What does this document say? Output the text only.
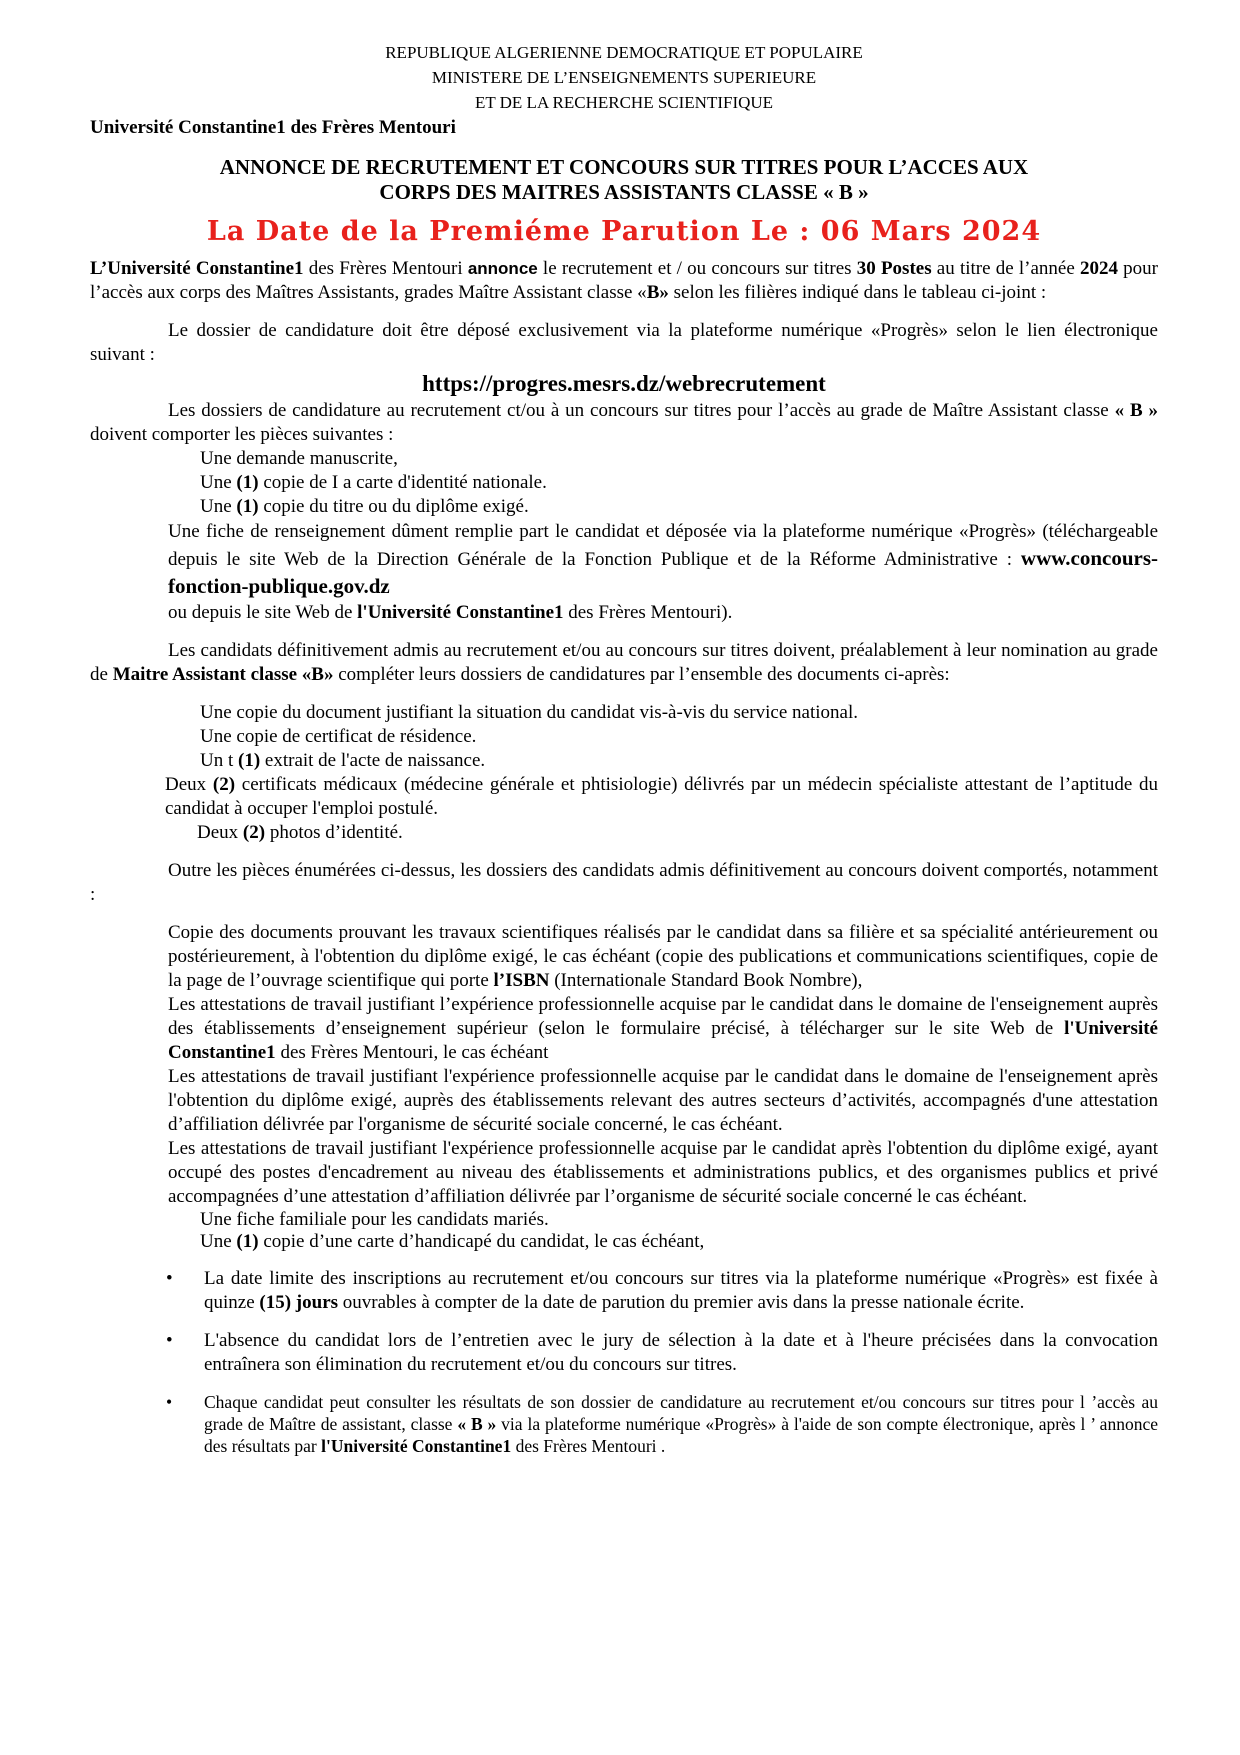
REPUBLIQUE ALGERIENNE DEMOCRATIQUE ET POPULAIRE
MINISTERE DE L’ENSEIGNEMENTS SUPERIEURE
ET DE LA RECHERCHE SCIENTIFIQUE
Université Constantine1 des Frères Mentouri
ANNONCE DE RECRUTEMENT ET CONCOURS SUR TITRES POUR L’ACCES AUX
CORPS DES MAITRES ASSISTANTS CLASSE « B »
La Date de la Premiéme Parution Le : 06 Mars 2024

L’Université Constantine1 des Frères Mentouri annonce le recrutement et / ou concours sur titres 30 Postes au titre de l’année 2024 pour l’accès aux corps des Maîtres Assistants, grades Maître Assistant classe «B» selon les filières indiqué dans le tableau ci-joint :

Le dossier de candidature doit être déposé exclusivement via la plateforme numérique «Progrès» selon le lien électronique suivant :

https://progres.mesrs.dz/webrecrutement

Les dossiers de candidature au recrutement ct/ou à un concours sur titres pour l’accès au grade de Maître Assistant classe « B » doivent comporter les pièces suivantes :

Une demande manuscrite,

Une (1) copie de I a carte d'identité nationale.

Une (1) copie du titre ou du diplôme exigé.

Une fiche de renseignement dûment remplie part le candidat et déposée via la plateforme numérique «Progrès» (téléchargeable depuis le site Web de la Direction Générale de la Fonction Publique et de la Réforme Administrative : www.concours-fonction-publique.gov.dz

ou depuis le site Web de l'Université Constantine1 des Frères Mentouri).

Les candidats définitivement admis au recrutement et/ou au concours sur titres doivent, préalablement à leur nomination au grade de Maitre Assistant classe «B» compléter leurs dossiers de candidatures par l’ensemble des documents ci-après:

Une copie du document justifiant la situation du candidat vis-à-vis du service national.

Une copie de certificat de résidence.

Un t (1) extrait de l'acte de naissance.

Deux (2) certificats médicaux (médecine générale et phtisiologie) délivrés par un médecin spécialiste attestant de l’aptitude du candidat à occuper l'emploi postulé.

Deux (2) photos d’identité.

Outre les pièces énumérées ci-dessus, les dossiers des candidats admis définitivement au concours doivent comportés, notamment :

Copie des documents prouvant les travaux scientifiques réalisés par le candidat dans sa filière et sa spécialité antérieurement ou postérieurement, à l'obtention du diplôme exigé, le cas échéant (copie des publications et communications scientifiques, copie de la page de l’ouvrage scientifique qui porte l’ISBN (Internationale Standard Book Nombre),

Les attestations de travail justifiant l’expérience professionnelle acquise par le candidat dans le domaine de l'enseignement auprès des établissements d’enseignement supérieur (selon le formulaire précisé, à télécharger sur le site Web de l'Université Constantine1 des Frères Mentouri, le cas échéant

Les attestations de travail justifiant l'expérience professionnelle acquise par le candidat dans le domaine de l'enseignement après l'obtention du diplôme exigé, auprès des établissements relevant des autres secteurs d’activités, accompagnés d'une attestation d’affiliation délivrée par l'organisme de sécurité sociale concerné, le cas échéant.

Les attestations de travail justifiant l'expérience professionnelle acquise par le candidat après l'obtention du diplôme exigé, ayant occupé des postes d'encadrement au niveau des établissements et administrations publics, et des organismes publics et privé accompagnées d’une attestation d’affiliation délivrée par l’organisme de sécurité sociale concerné le cas échéant.

Une fiche familiale pour les candidats mariés.

Une (1) copie d’une carte d’handicapé du candidat, le cas échéant,

• La date limite des inscriptions au recrutement et/ou concours sur titres via la plateforme numérique «Progrès» est fixée à quinze (15) jours ouvrables à compter de la date de parution du premier avis dans la presse nationale écrite.
• L'absence du candidat lors de l’entretien avec le jury de sélection à la date et à l'heure précisées dans la convocation entraînera son élimination du recrutement et/ou du concours sur titres.
• Chaque candidat peut consulter les résultats de son dossier de candidature au recrutement et/ou concours sur titres pour l ’accès au grade de Maître de assistant, classe « B » via la plateforme numérique «Progrès» à l'aide de son compte électronique, après l ’ annonce des résultats par l'Université Constantine1 des Frères Mentouri .
